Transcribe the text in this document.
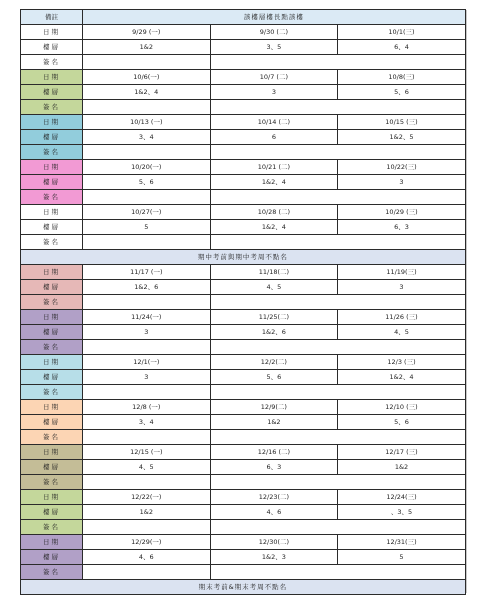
備註	該樓層樓長點該樓		
日期	9/29 (一)	9/30 (二)	10/1(三)
樓層	1&2	3、5	6、4
簽名			
日期	10/6(一)	10/7 (二)	10/8(三)
樓層	1&2、4	3	5、6
簽名			
日期	10/13 (一)	10/14 (二)	10/15 (三)
樓層	3、4	6	1&2、5
簽名			
日期	10/20(一)	10/21 (二)	10/22(三)
樓層	5、6	1&2、4	3
簽名			
日期	10/27(一)	10/28 (二)	10/29 (三)
樓層	5	1&2、4	6、3
簽名			
期中考前與期中考周不點名			
日期	11/17 (一)	11/18(二)	11/19(三)
樓層	1&2、6	4、5	3
簽名			
日期	11/24(一)	11/25(二)	11/26 (三)
樓層	3	1&2、6	4、5
簽名			
日期	12/1(一)	12/2(二)	12/3 (三)
樓層	3	5、6	1&2、4
簽名			
日期	12/8 (一)	12/9(二)	12/10 (三)
樓層	3、4	1&2	5、6
簽名			
日期	12/15 (一)	12/16 (二)	12/17 (三)
樓層	4、5	6、3	1&2
簽名			
日期	12/22(一)	12/23(二)	12/24(三)
樓層	1&2	4、6	、3、5
簽名			
日期	12/29(一)	12/30(二)	12/31(三)
樓層	4、6	1&2、3	5
簽名			
期末考前&期末考周不點名			
